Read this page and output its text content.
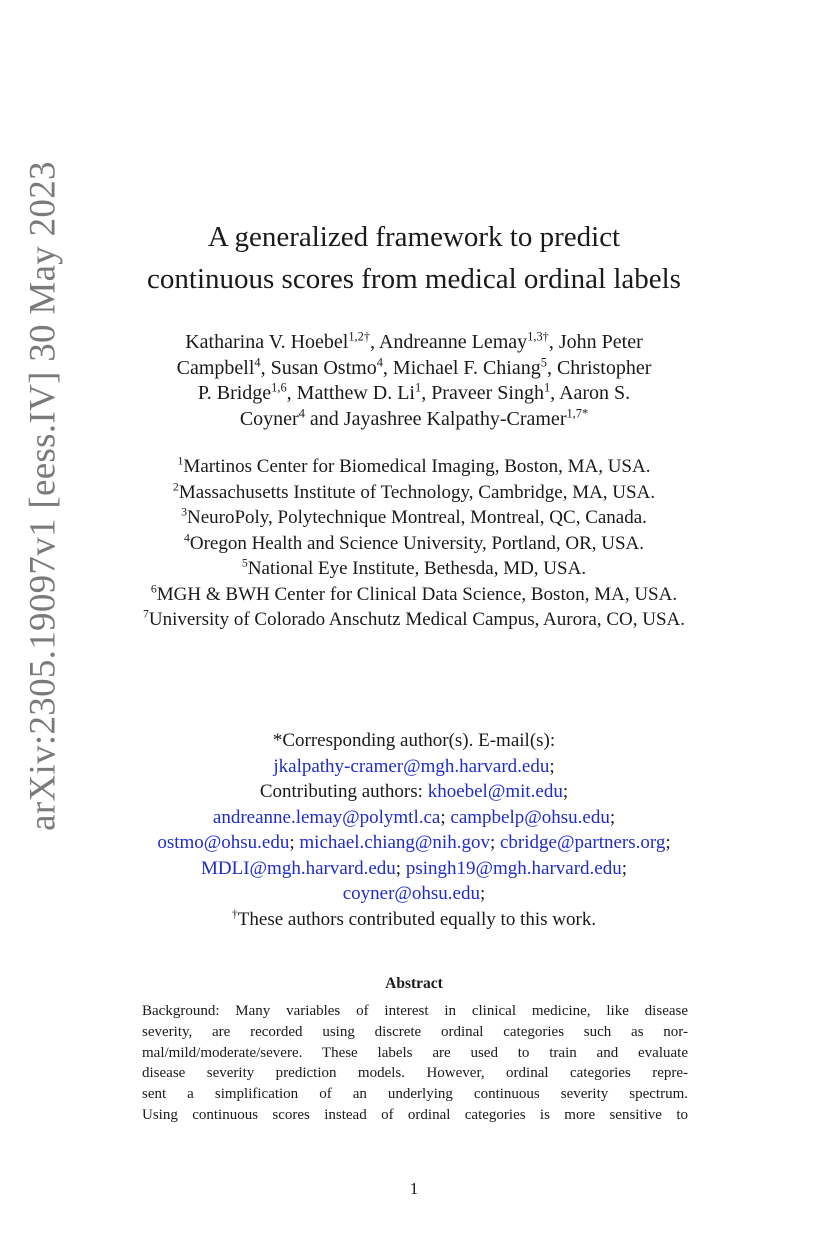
arXiv:2305.19097v1 [eess.IV] 30 May 2023	A generalized framework to predict
continuous scores from medical ordinal labels
Katharina V. Hoebel$^{1,2\dagger}$, Andreanne Lemay$^{1,3\dagger}$, John Peter
Campbell$^4$, Susan Ostmo$^4$, Michael F. Chiang$^5$, Christopher
P. Bridge$^{1,6}$, Matthew D. Li$^1$, Praveer Singh$^1$, Aaron S.
Coyner$^4$ and Jayashree Kalpathy-Cramer$^{1,7*}$
$^1$Martinos Center for Biomedical Imaging, Boston, MA, USA.
$^2$Massachusetts Institute of Technology, Cambridge, MA, USA.
$^3$NeuroPoly, Polytechnique Montreal, Montreal, QC, Canada.
$^4$Oregon Health and Science University, Portland, OR, USA.
$^5$National Eye Institute, Bethesda, MD, USA.
$^6$MGH & BWH Center for Clinical Data Science, Boston, MA, USA.
$^7$University of Colorado Anschutz Medical Campus, Aurora, CO, USA.
*Corresponding author(s). E-mail(s):
jkalpathy-cramer@mgh.harvard.edu;
Contributing authors: khoebel@mit.edu;
andreanne.lemay@polymtl.ca; campbelp@ohsu.edu;
ostmo@ohsu.edu; michael.chiang@nih.gov; cbridge@partners.org;
MDLI@mgh.harvard.edu; psingh19@mgh.harvard.edu;
coyner@ohsu.edu;
†These authors contributed equally to this work.
Abstract
Background: Many variables of interest in clinical medicine, like disease
severity, are recorded using discrete ordinal categories such as nor-
mal/mild/moderate/severe. These labels are used to train and evaluate
disease severity prediction models. However, ordinal categories repre-
sent a simplification of an underlying continuous severity spectrum.
Using continuous scores instead of ordinal categories is more sensitive to
1
